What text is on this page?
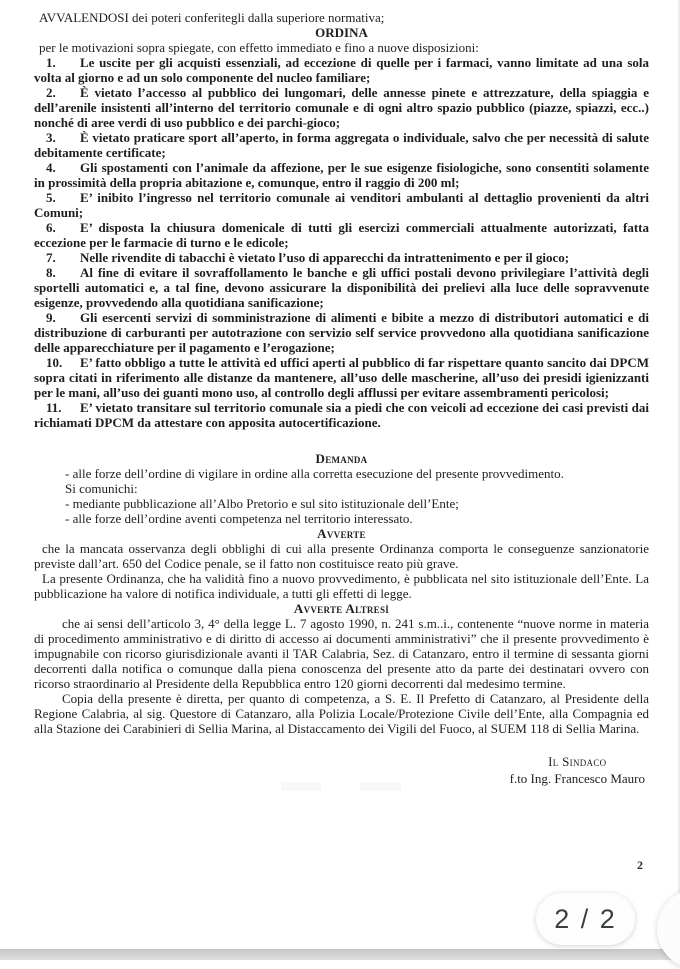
AVVALENDOSI dei poteri conferitegli dalla superiore normativa;

ORDINA

per le motivazioni sopra spiegate, con effetto immediato e fino a nuove disposizioni:

1. Le uscite per gli acquisti essenziali, ad eccezione di quelle per i farmaci, vanno limitate ad una sola volta al giorno e ad un solo componente del nucleo familiare;

2. È vietato l’accesso al pubblico dei lungomari, delle annesse pinete e attrezzature, della spiaggia e dell’arenile insistenti all’interno del territorio comunale e di ogni altro spazio pubblico (piazze, spiazzi, ecc..) nonché di aree verdi di uso pubblico e dei parchi-gioco;

3. È vietato praticare sport all’aperto, in forma aggregata o individuale, salvo che per necessità di salute debitamente certificate;

4. Gli spostamenti con l’animale da affezione, per le sue esigenze fisiologiche, sono consentiti solamente in prossimità della propria abitazione e, comunque, entro il raggio di 200 ml;

5. E’ inibito l’ingresso nel territorio comunale ai venditori ambulanti al dettaglio provenienti da altri Comuni;

6. E’ disposta la chiusura domenicale di tutti gli esercizi commerciali attualmente autorizzati, fatta eccezione per le farmacie di turno e le edicole;

7. Nelle rivendite di tabacchi è vietato l’uso di apparecchi da intrattenimento e per il gioco;

8. Al fine di evitare il sovraffollamento le banche e gli uffici postali devono privilegiare l’attività degli sportelli automatici e, a tal fine, devono assicurare la disponibilità dei prelievi alla luce delle sopravvenute esigenze, provvedendo alla quotidiana sanificazione;

9. Gli esercenti servizi di somministrazione di alimenti e bibite a mezzo di distributori automatici e di distribuzione di carburanti per autotrazione con servizio self service provvedono alla quotidiana sanificazione delle apparecchiature per il pagamento e l’erogazione;

10. E’ fatto obbligo a tutte le attività ed uffici aperti al pubblico di far rispettare quanto sancito dai DPCM sopra citati in riferimento alle distanze da mantenere, all’uso delle mascherine, all’uso dei presidi igienizzanti per le mani, all’uso dei guanti mono uso, al controllo degli afflussi per evitare assembramenti pericolosi;

11. E’ vietato transitare sul territorio comunale sia a piedi che con veicoli ad eccezione dei casi previsti dai richiamati DPCM da attestare con apposita autocertificazione.

Demanda

- alle forze dell’ordine di vigilare in ordine alla corretta esecuzione del presente provvedimento.

Si comunichi:

- mediante pubblicazione all’Albo Pretorio e sul sito istituzionale dell’Ente;

- alle forze dell’ordine aventi competenza nel territorio interessato.

Avverte

che la mancata osservanza degli obblighi di cui alla presente Ordinanza comporta le conseguenze sanzionatorie previste dall’art. 650 del Codice penale, se il fatto non costituisce reato più grave.

La presente Ordinanza, che ha validità fino a nuovo provvedimento, è pubblicata nel sito istituzionale dell’Ente. La pubblicazione ha valore di notifica individuale, a tutti gli effetti di legge.

Avverte Altresì

che ai sensi dell’articolo 3, 4° della legge L. 7 agosto 1990, n. 241 s.m..i., contenente “nuove norme in materia di procedimento amministrativo e di diritto di accesso ai documenti amministrativi” che il presente provvedimento è impugnabile con ricorso giurisdizionale avanti il TAR Calabria, Sez. di Catanzaro, entro il termine di sessanta giorni decorrenti dalla notifica o comunque dalla piena conoscenza del presente atto da parte dei destinatari ovvero con ricorso straordinario al Presidente della Repubblica entro 120 giorni decorrenti dal medesimo termine.

Copia della presente è diretta, per quanto di competenza, a S. E. Il Prefetto di Catanzaro, al Presidente della Regione Calabria, al sig. Questore di Catanzaro, alla Polizia Locale/Protezione Civile dell’Ente, alla Compagnia ed alla Stazione dei Carabinieri di Sellia Marina, al Distaccamento dei Vigili del Fuoco, al SUEM 118 di Sellia Marina.

Il Sindaco
f.to Ing. Francesco Mauro
2
2 / 2
